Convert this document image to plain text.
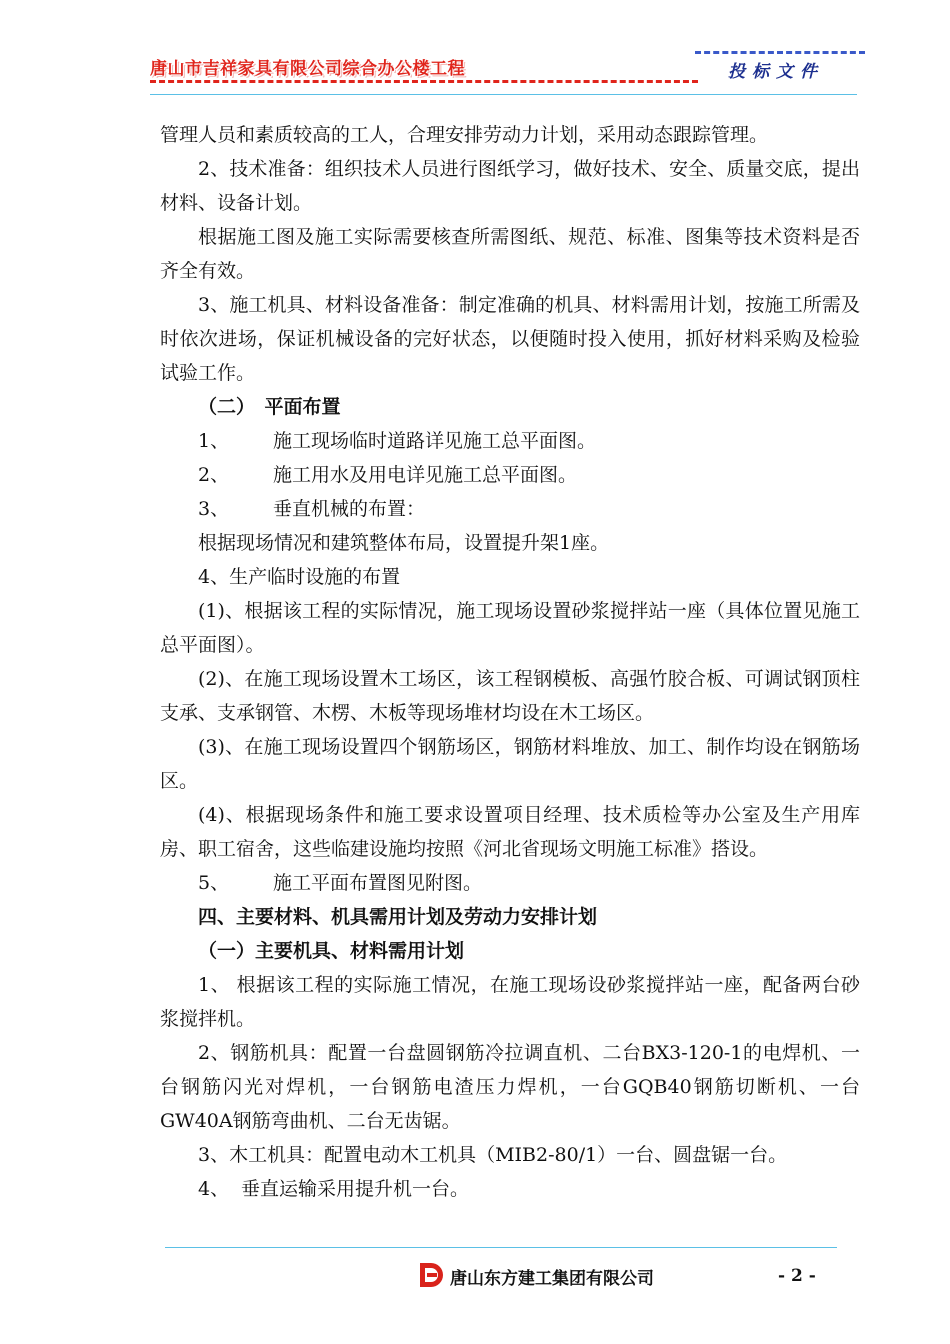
唐山市吉祥家具有限公司综合办公楼工程	投标文件

管理人员和素质较高的工人，合理安排劳动力计划，采用动态跟踪管理。

2、技术准备：组织技术人员进行图纸学习，做好技术、安全、质量交底，提出材料、设备计划。

根据施工图及施工实际需要核查所需图纸、规范、标准、图集等技术资料是否齐全有效。

3、施工机具、材料设备准备：制定准确的机具、材料需用计划，按施工所需及时依次进场，保证机械设备的完好状态，以便随时投入使用，抓好材料采购及检验试验工作。

（二）　平面布置

1、 施工现场临时道路详见施工总平面图。

2、 施工用水及用电详见施工总平面图。

3、 垂直机械的布置：

根据现场情况和建筑整体布局，设置提升架1座。

4、生产临时设施的布置

(1)、根据该工程的实际情况，施工现场设置砂浆搅拌站一座（具体位置见施工总平面图）。

(2)、在施工现场设置木工场区，该工程钢模板、高强竹胶合板、可调试钢顶柱支承、支承钢管、木楞、木板等现场堆材均设在木工场区。

(3)、在施工现场设置四个钢筋场区，钢筋材料堆放、加工、制作均设在钢筋场区。

(4)、根据现场条件和施工要求设置项目经理、技术质检等办公室及生产用库房、职工宿舍，这些临建设施均按照《河北省现场文明施工标准》搭设。

5、 施工平面布置图见附图。

四、主要材料、机具需用计划及劳动力安排计划

（一）主要机具、材料需用计划

1、 根据该工程的实际施工情况，在施工现场设砂浆搅拌站一座，配备两台砂浆搅拌机。

2、钢筋机具：配置一台盘圆钢筋冷拉调直机、二台BX3-120-1的电焊机、一台钢筋闪光对焊机，一台钢筋电渣压力焊机，一台GQB40钢筋切断机、一台GW40A钢筋弯曲机、二台无齿锯。

3、木工机具：配置电动木工机具（MIB2-80/1）一台、圆盘锯一台。

4、 垂直运输采用提升机一台。

唐山东方建工集团有限公司	- 2 -
